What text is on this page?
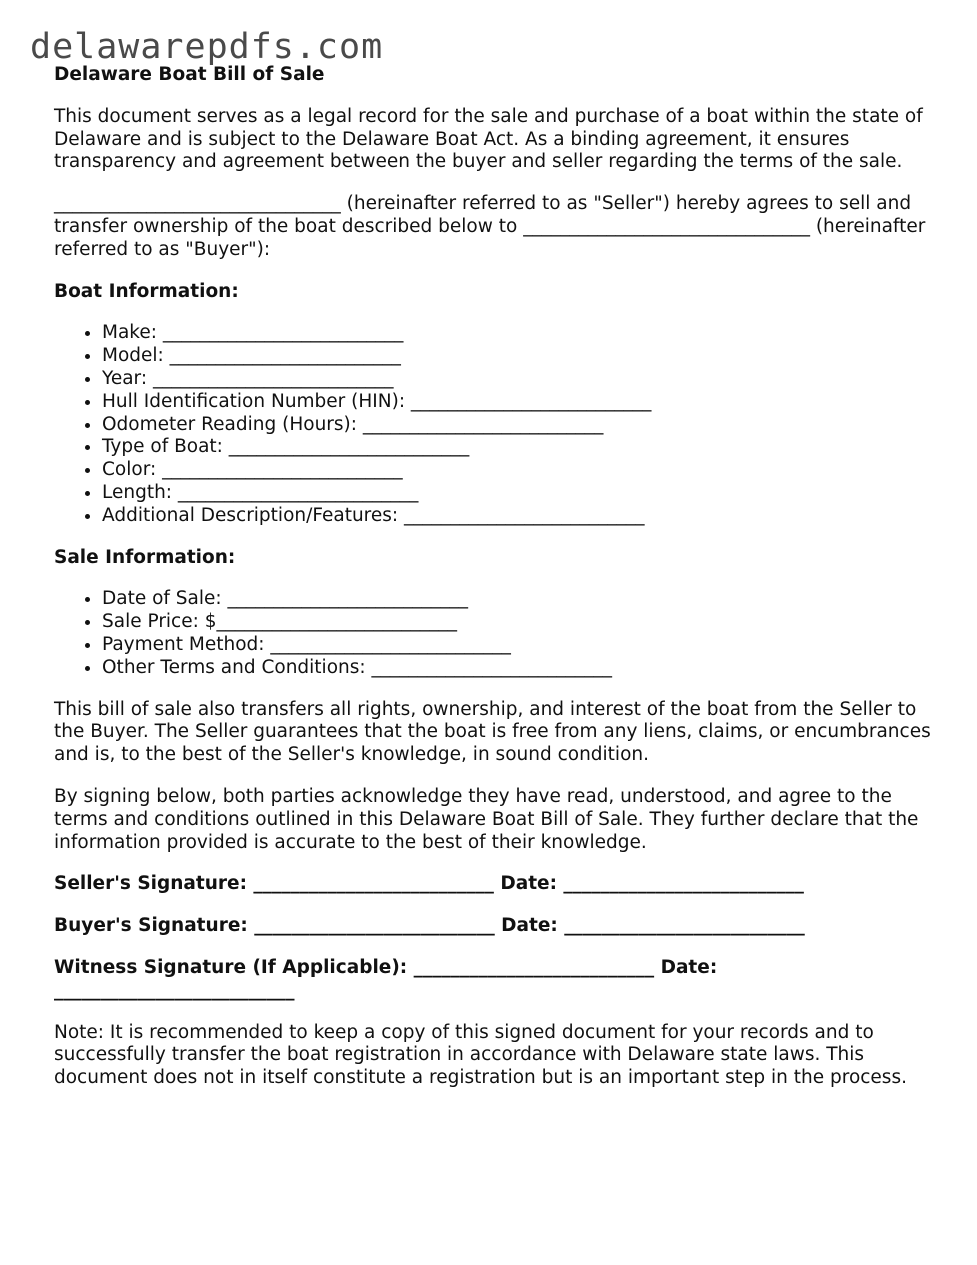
delawarepdfs.com
Delaware Boat Bill of Sale

This document serves as a legal record for the sale and purchase of a boat within the state of Delaware and is subject to the Delaware Boat Act. As a binding agreement, it ensures transparency and agreement between the buyer and seller regarding the terms of the sale.

_______________________________ (hereinafter referred to as "Seller") hereby agrees to sell and transfer ownership of the boat described below to _______________________________ (hereinafter referred to as "Buyer"):

Boat Information:
• Make: __________________________
• Model: _________________________
• Year: __________________________
• Hull Identification Number (HIN): __________________________
• Odometer Reading (Hours): __________________________
• Type of Boat: __________________________
• Color: __________________________
• Length: __________________________
• Additional Description/Features: __________________________
Sale Information:
• Date of Sale: __________________________
• Sale Price: $__________________________
• Payment Method: __________________________
• Other Terms and Conditions: __________________________

This bill of sale also transfers all rights, ownership, and interest of the boat from the Seller to the Buyer. The Seller guarantees that the boat is free from any liens, claims, or encumbrances and is, to the best of the Seller's knowledge, in sound condition.

By signing below, both parties acknowledge they have read, understood, and agree to the terms and conditions outlined in this Delaware Boat Bill of Sale. They further declare that the information provided is accurate to the best of their knowledge.

Seller's Signature: __________________________ Date: __________________________
Buyer's Signature: __________________________ Date: __________________________
Witness Signature (If Applicable): __________________________ Date: __________________________

Note: It is recommended to keep a copy of this signed document for your records and to successfully transfer the boat registration in accordance with Delaware state laws. This document does not in itself constitute a registration but is an important step in the process.
